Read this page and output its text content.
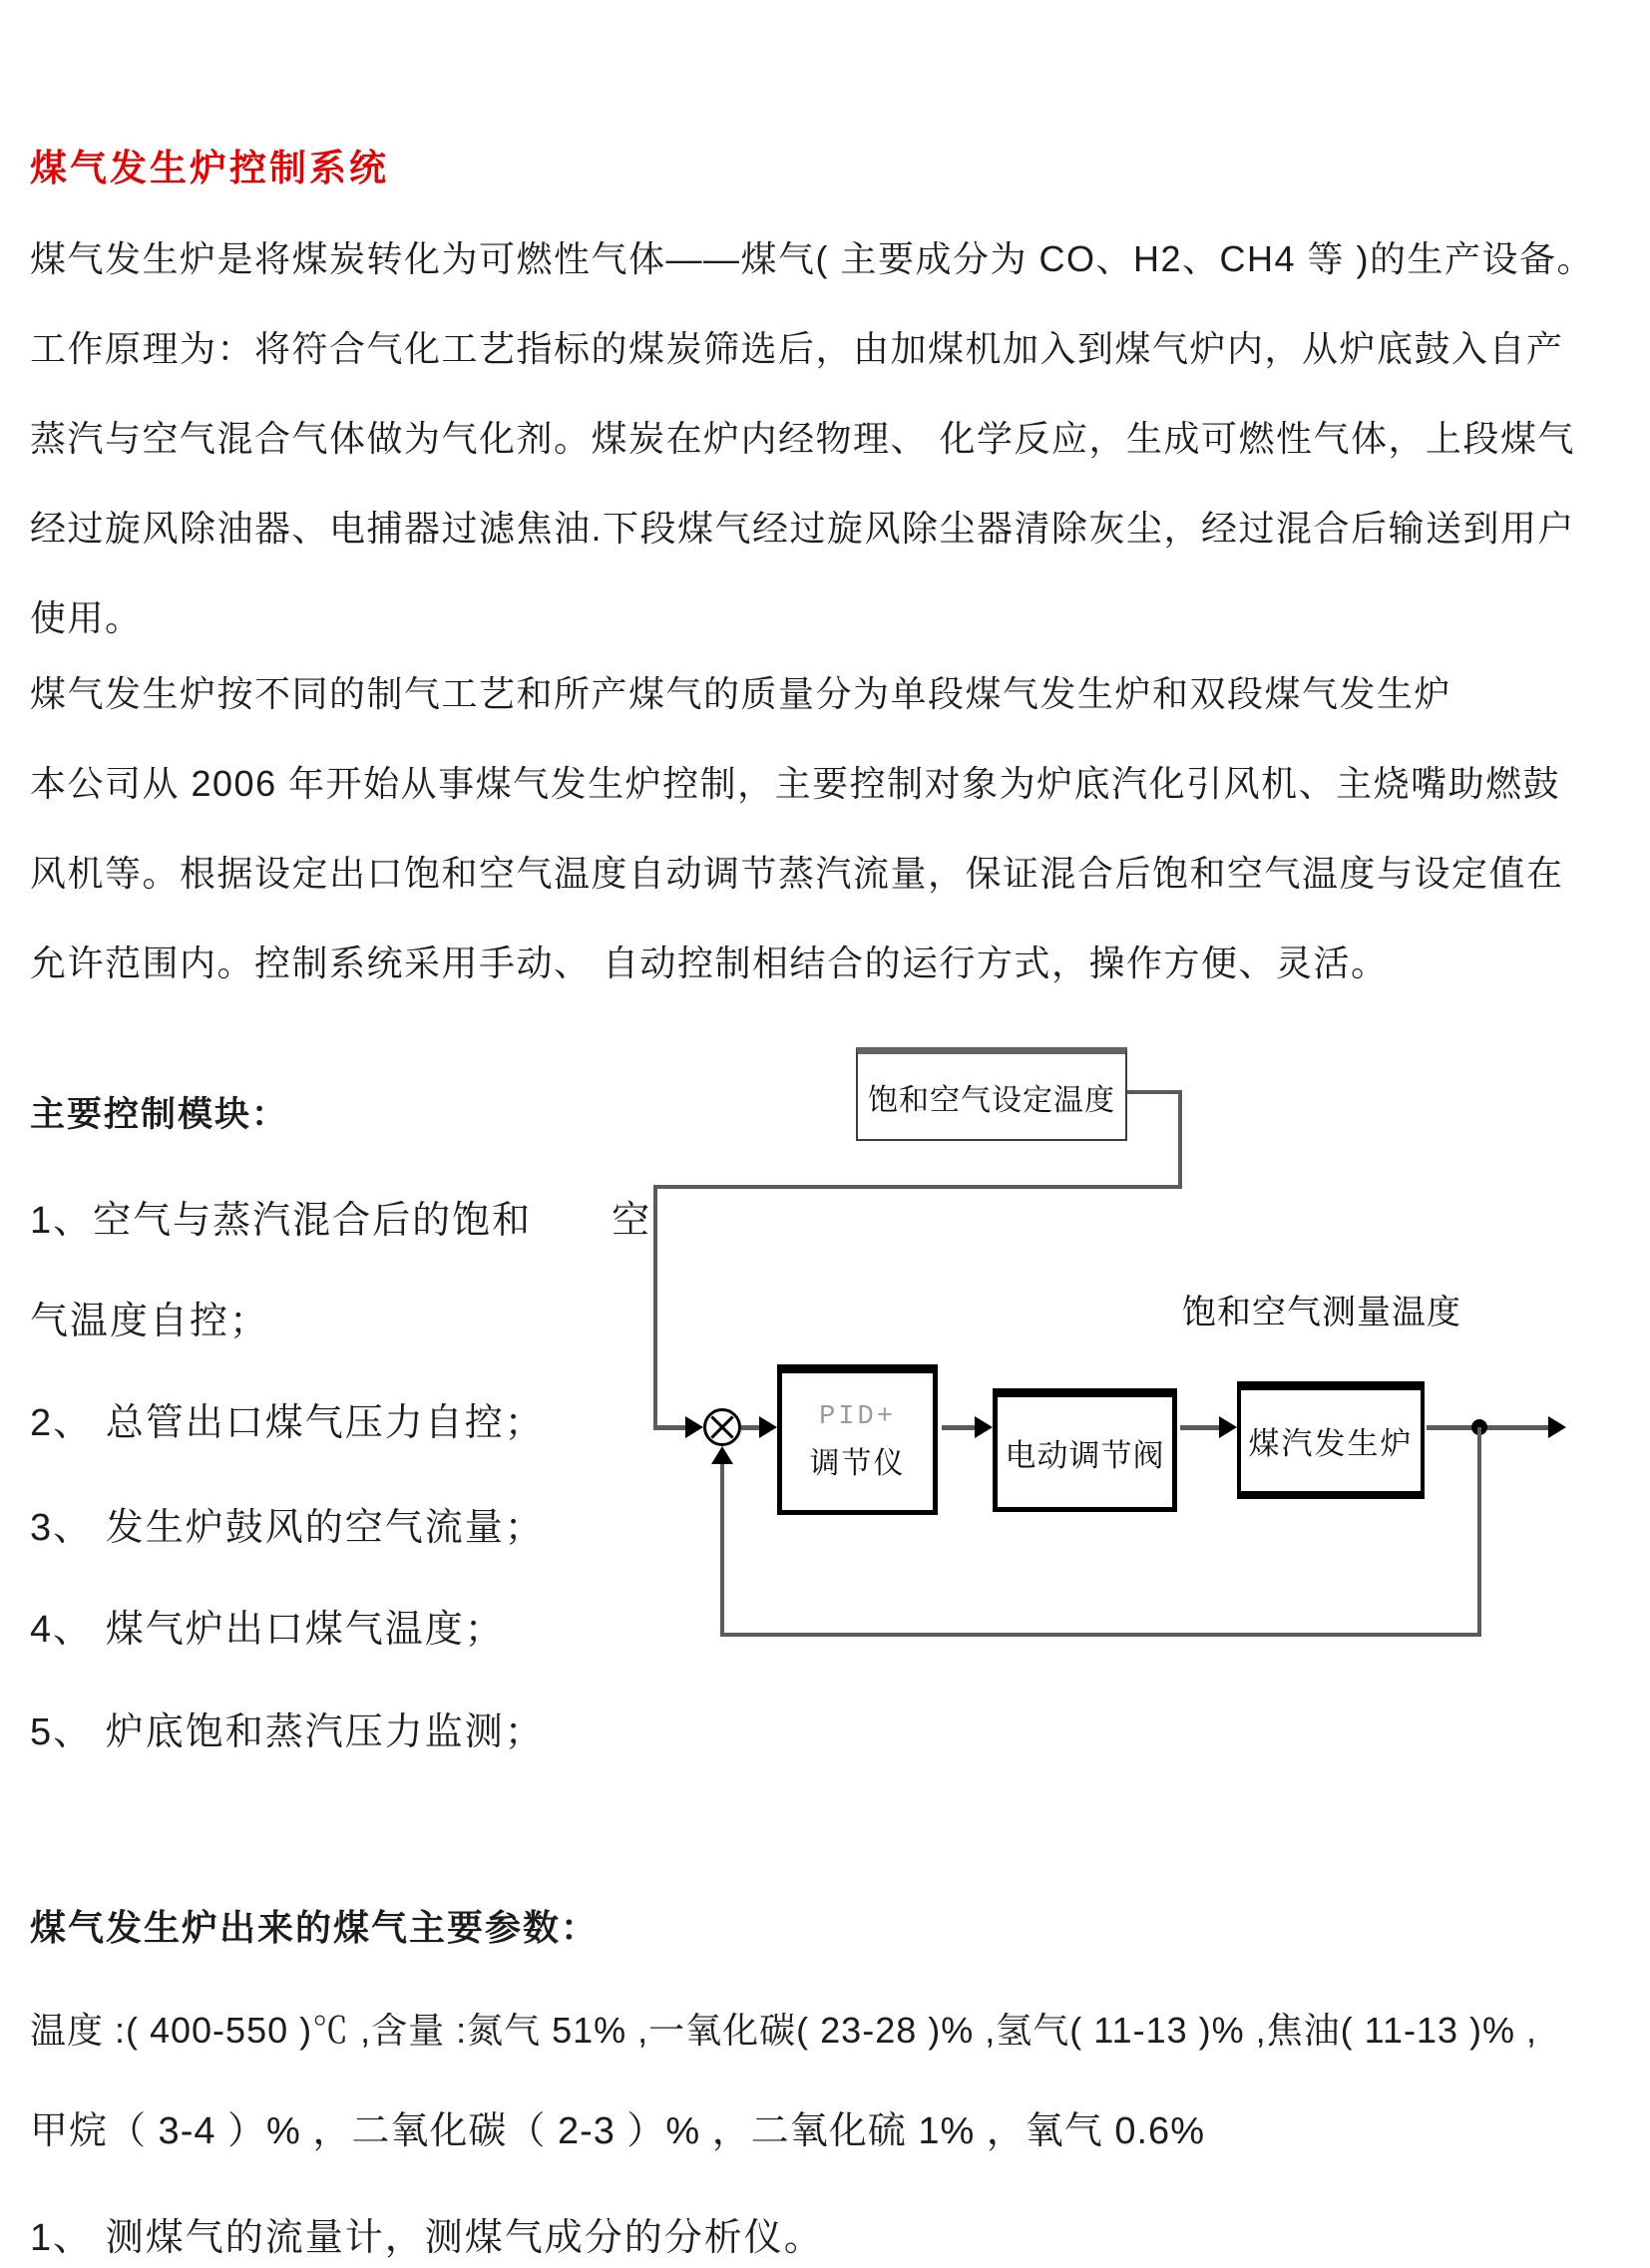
煤气发生炉控制系统
煤气发生炉是将煤炭转化为可燃性气体——煤气( 主要成分为 CO、H2、CH4 等 )的生产设备。
工作原理为：将符合气化工艺指标的煤炭筛选后，由加煤机加入到煤气炉内，从炉底鼓入自产
蒸汽与空气混合气体做为气化剂。煤炭在炉内经物理、 化学反应，生成可燃性气体，上段煤气
经过旋风除油器、电捕器过滤焦油.下段煤气经过旋风除尘器清除灰尘，经过混合后输送到用户
使用。
煤气发生炉按不同的制气工艺和所产煤气的质量分为单段煤气发生炉和双段煤气发生炉
本公司从 2006 年开始从事煤气发生炉控制，主要控制对象为炉底汽化引风机、主烧嘴助燃鼓
风机等。根据设定出口饱和空气温度自动调节蒸汽流量，保证混合后饱和空气温度与设定值在
允许范围内。控制系统采用手动、 自动控制相结合的运行方式，操作方便、灵活。
主要控制模块：
1、空气与蒸汽混合后的饱和　　空
气温度自控；
2、 总管出口煤气压力自控；
3、 发生炉鼓风的空气流量；
4、 煤气炉出口煤气温度；
5、 炉底饱和蒸汽压力监测；
饱和空气设定温度
饱和空气测量温度
PID+
调节仪	电动调节阀	煤汽发生炉
煤气发生炉出来的煤气主要参数：
温度 :( 400-550 )℃ ,含量 :氮气 51% ,一氧化碳( 23-28 )% ,氢气( 11-13 )% ,焦油( 11-13 )% ,
甲烷（ 3-4 ）% ，二氧化碳（ 2-3 ）% ，二氧化硫 1% ，氧气 0.6%
1、 测煤气的流量计，测煤气成分的分析仪。
